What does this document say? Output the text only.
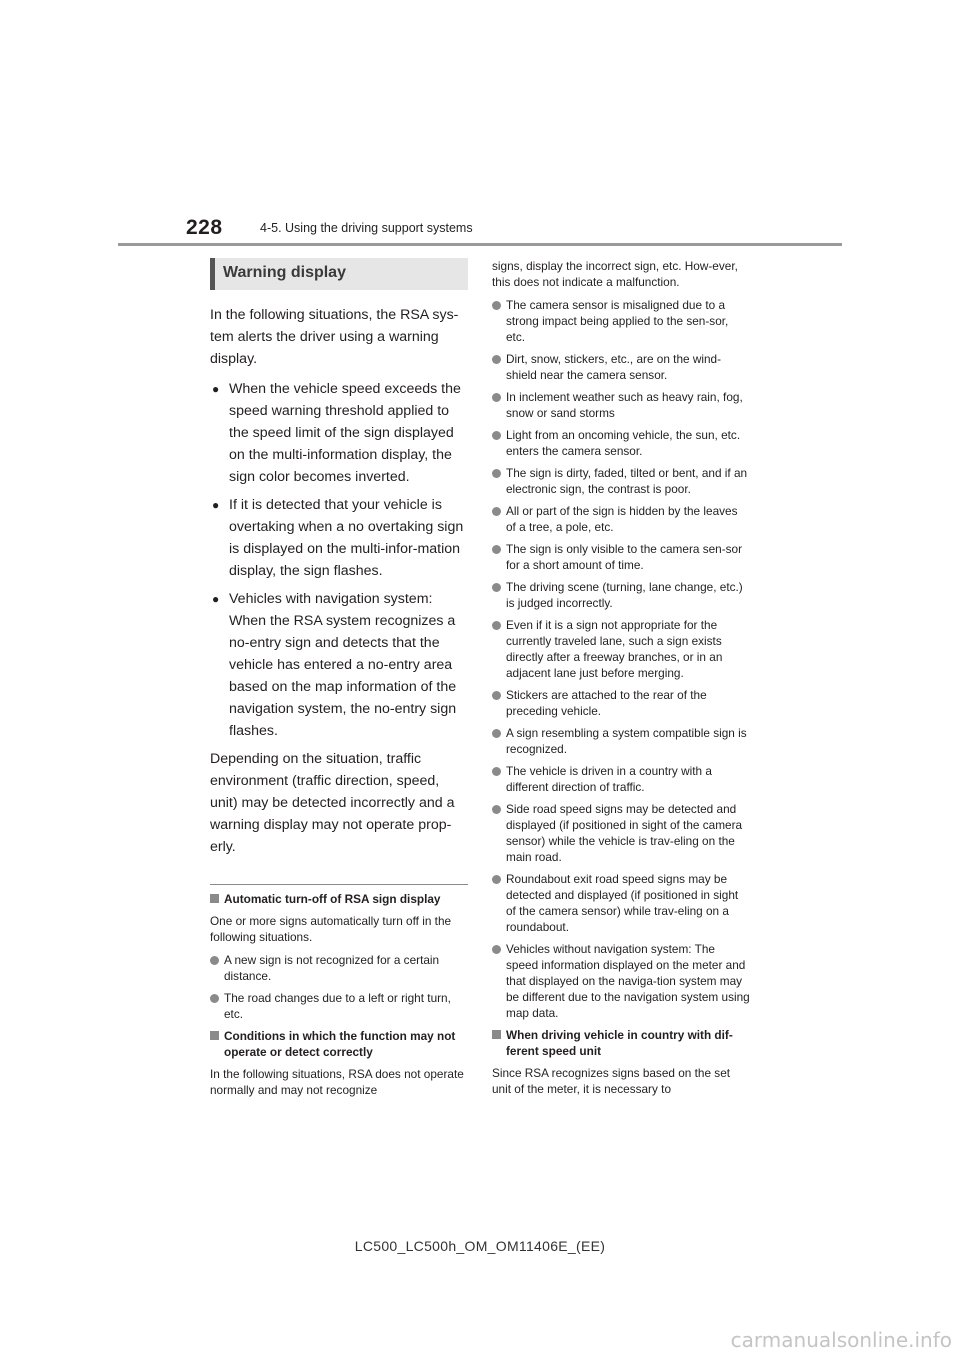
228	4-5. Using the driving support systems
Warning display

In the following situations, the RSA sys-tem alerts the driver using a warning display.

● When the vehicle speed exceeds the speed warning threshold applied to the speed limit of the sign displayed on the multi-information display, the sign color becomes inverted.
● If it is detected that your vehicle is overtaking when a no overtaking sign is displayed on the multi-infor-mation display, the sign flashes.
● Vehicles with navigation system: When the RSA system recognizes a no-entry sign and detects that the vehicle has entered a no-entry area based on the map information of the navigation system, the no-entry sign flashes.

Depending on the situation, traffic environment (traffic direction, speed, unit) may be detected incorrectly and a warning display may not operate prop-erly.

Automatic turn-off of RSA sign display

One or more signs automatically turn off in the following situations.

A new sign is not recognized for a certain distance.
The road changes due to a left or right turn, etc.
Conditions in which the function may not operate or detect correctly

In the following situations, RSA does not operate normally and may not recognize

signs, display the incorrect sign, etc. How-ever, this does not indicate a malfunction.

The camera sensor is misaligned due to a strong impact being applied to the sen-sor, etc.
Dirt, snow, stickers, etc., are on the wind-shield near the camera sensor.
In inclement weather such as heavy rain, fog, snow or sand storms
Light from an oncoming vehicle, the sun, etc. enters the camera sensor.
The sign is dirty, faded, tilted or bent, and if an electronic sign, the contrast is poor.
All or part of the sign is hidden by the leaves of a tree, a pole, etc.
The sign is only visible to the camera sen-sor for a short amount of time.
The driving scene (turning, lane change, etc.) is judged incorrectly.
Even if it is a sign not appropriate for the currently traveled lane, such a sign exists directly after a freeway branches, or in an adjacent lane just before merging.
Stickers are attached to the rear of the preceding vehicle.
A sign resembling a system compatible sign is recognized.
The vehicle is driven in a country with a different direction of traffic.
Side road speed signs may be detected and displayed (if positioned in sight of the camera sensor) while the vehicle is trav-eling on the main road.
Roundabout exit road speed signs may be detected and displayed (if positioned in sight of the camera sensor) while trav-eling on a roundabout.
Vehicles without navigation system: The speed information displayed on the meter and that displayed on the naviga-tion system may be different due to the navigation system using map data.
When driving vehicle in country with dif-ferent speed unit

Since RSA recognizes signs based on the set unit of the meter, it is necessary to

LC500_LC500h_OM_OM11406E_(EE)
carmanualsonline.info
